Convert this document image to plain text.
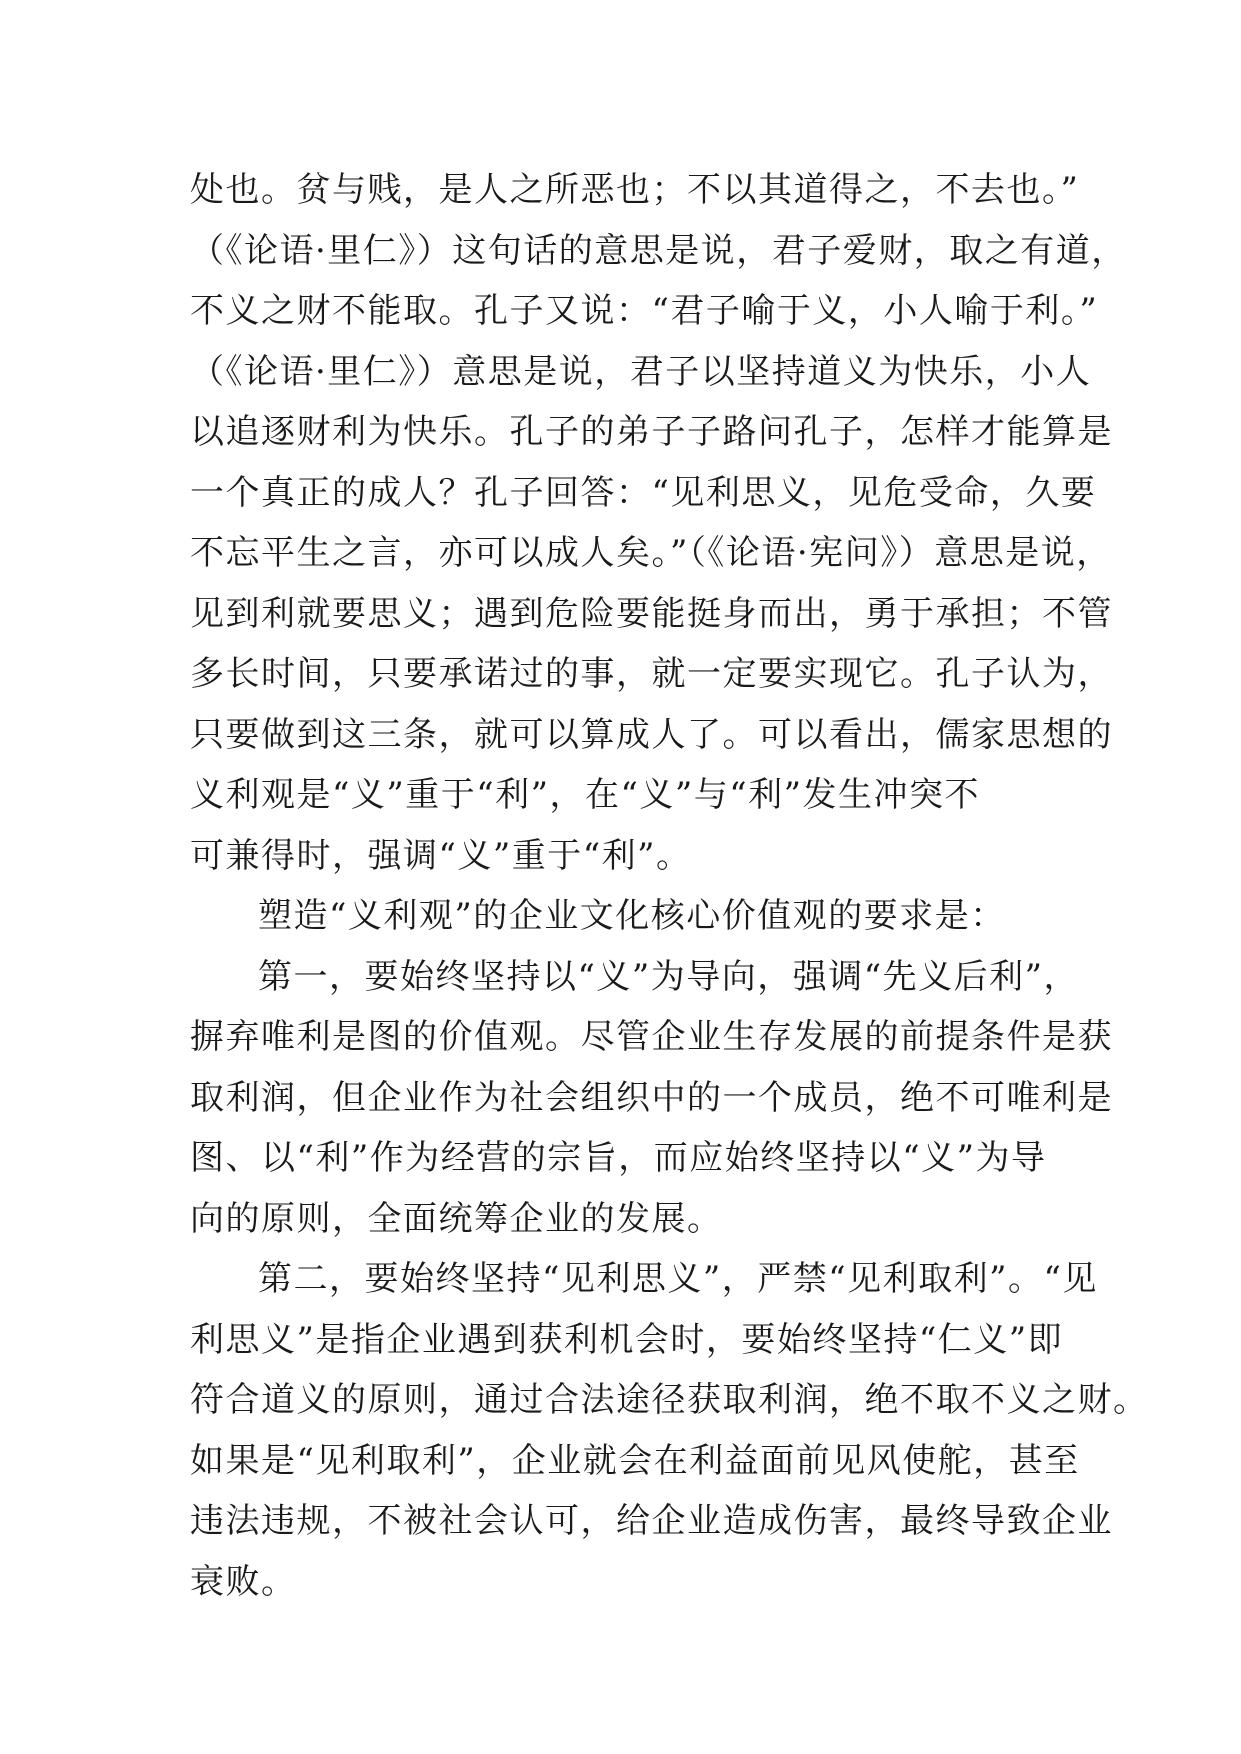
处也。贫与贱，是人之所恶也；不以其道得之，不去也。”
（《论语·里仁》）这句话的意思是说，君子爱财，取之有道，
不义之财不能取。孔子又说：“君子喻于义，小人喻于利。”
（《论语·里仁》）意思是说，君子以坚持道义为快乐，小人
以追逐财利为快乐。孔子的弟子子路问孔子，怎样才能算是
一个真正的成人？孔子回答：“见利思义，见危受命，久要
不忘平生之言，亦可以成人矣。”（《论语·宪问》）意思是说，
见到利就要思义；遇到危险要能挺身而出，勇于承担；不管
多长时间，只要承诺过的事，就一定要实现它。孔子认为，
只要做到这三条，就可以算成人了。可以看出，儒家思想的
义利观是“义”重于“利”，在“义”与“利”发生冲突不
可兼得时，强调“义”重于“利”。
塑造“义利观”的企业文化核心价值观的要求是：
第一，要始终坚持以“义”为导向，强调“先义后利”，
摒弃唯利是图的价值观。尽管企业生存发展的前提条件是获
取利润，但企业作为社会组织中的一个成员，绝不可唯利是
图、以“利”作为经营的宗旨，而应始终坚持以“义”为导
向的原则，全面统筹企业的发展。
第二，要始终坚持“见利思义”，严禁“见利取利”。“见
利思义”是指企业遇到获利机会时，要始终坚持“仁义”即
符合道义的原则，通过合法途径获取利润，绝不取不义之财。
如果是“见利取利”，企业就会在利益面前见风使舵，甚至
违法违规，不被社会认可，给企业造成伤害，最终导致企业
衰败。
